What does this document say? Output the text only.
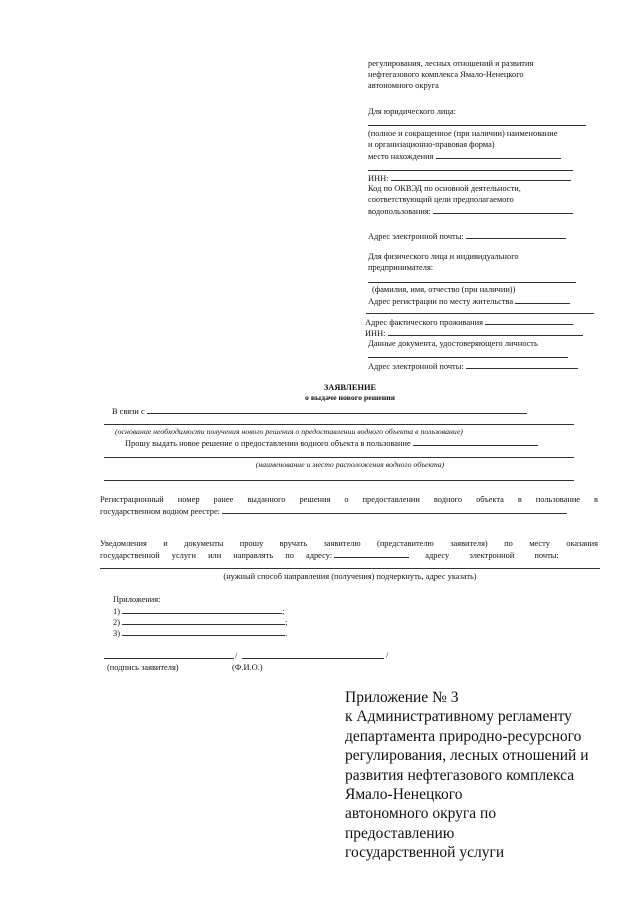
регулирования, лесных отношений и развития
нефтегазового комплекса Ямало-Ненецкого
автономного округа
Для юридического лица:
(полное и сокращенное (при наличии) наименование
и организационно-правовая форма)
место нахождения
ИНН:
Код по ОКВЭД по основной деятельности,
соответствующий цели предполагаемого
водопользования:
Адрес электронной почты:
Для физического лица и индивидуального
предпринимателя:
(фамилия, имя, отчество (при наличии))
Адрес регистрации по месту жительства
Адрес фактического проживания
ИНН:
Данные документа, удостоверяющего личность
Адрес электронной почты:
ЗАЯВЛЕНИЕ
о выдаче нового решения
В связи с
(основание необходимости получения нового решения о предоставлении водного объекта в пользование)
Прошу выдать новое решение о предоставлении водного объекта в пользование
(наименование и место расположения водного объекта)
Регистрационный номер ранее выданного решения о предоставлении водного объекта в пользование в
государственном водном реестре:
Уведомления и документы прошу вручать заявителю (представителю заявителя) по месту оказания
государственной услуги или направлять по адресу:	адресу электронной почты:
(нужный способ направления (получения) подчеркнуть, адрес указать)
Приложения:
1)	;
2)	;
3)	.
/	/
(подпись заявителя)	(Ф.И.О.)
Приложение № 3
к Административному регламенту
департамента природно-ресурсного
регулирования, лесных отношений и
развития нефтегазового комплекса
Ямало-Ненецкого
автономного округа по
предоставлению
государственной услуги
